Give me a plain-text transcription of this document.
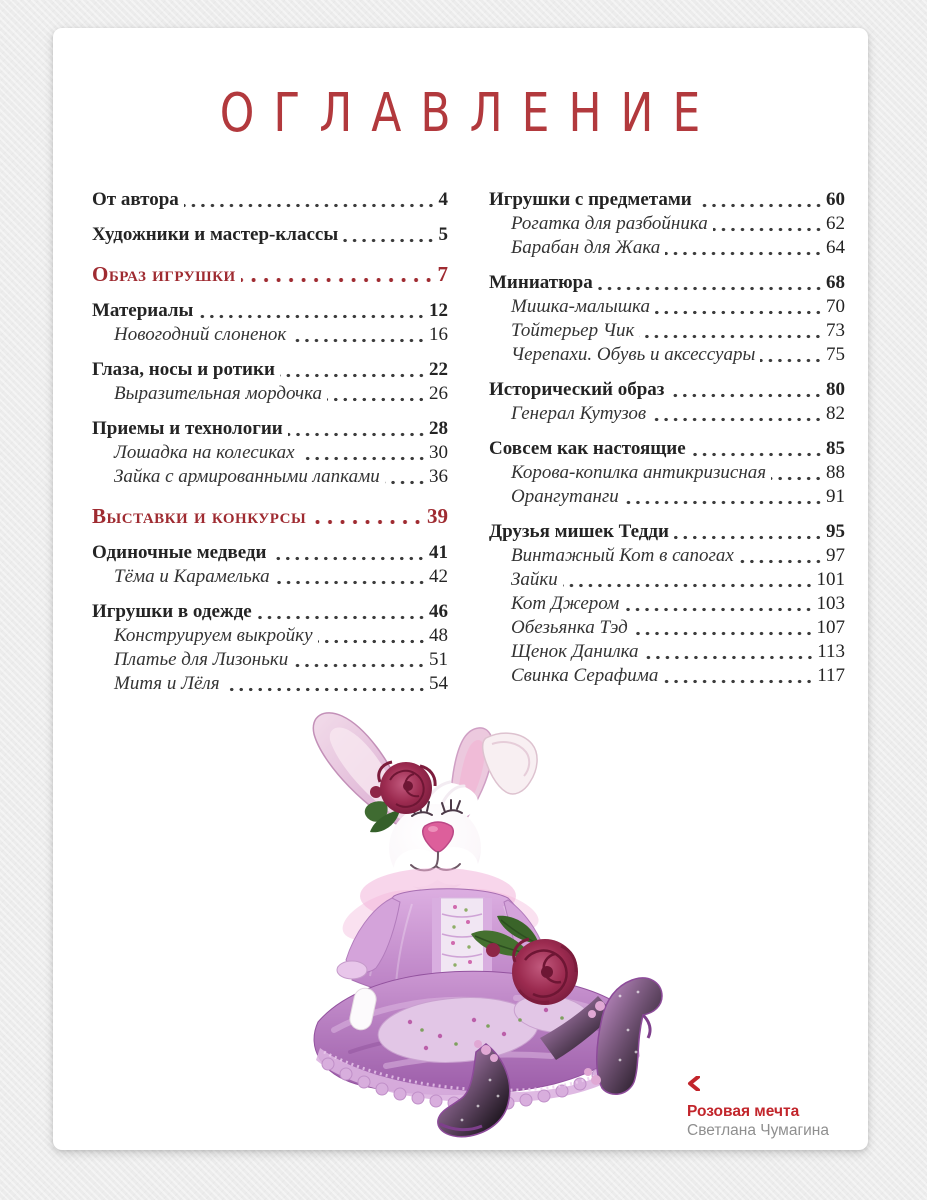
ОГЛАВЛЕНИЕ
От автора	4
Художники и мастер-классы	5
Образ игрушки	7
Материалы	12
Новогодний слоненок	16
Глаза, носы и ротики	22
Выразительная мордочка	26
Приемы и технологии	28
Лошадка на колесиках	30
Зайка с армированными лапками	36
Выставки и конкурсы	39
Одиночные медведи	41
Тёма и Карамелька	42
Игрушки в одежде	46
Конструируем выкройку	48
Платье для Лизоньки	51
Митя и Лёля	54
Игрушки с предметами	60
Рогатка для разбойника	62
Барабан для Жака	64
Миниатюра	68
Мишка-малышка	70
Тойтерьер Чик	73
Черепахи. Обувь и аксессуары	75
Исторический образ	80
Генерал Кутузов	82
Совсем как настоящие	85
Корова-копилка антикризисная	88
Орангутанги	91
Друзья мишек Тедди	95
Винтажный Кот в сапогах	97
Зайки	101
Кот Джером	103
Обезьянка Тэд	107
Щенок Данилка	113
Свинка Серафима	117
Розовая мечта
Светлана Чумагина
